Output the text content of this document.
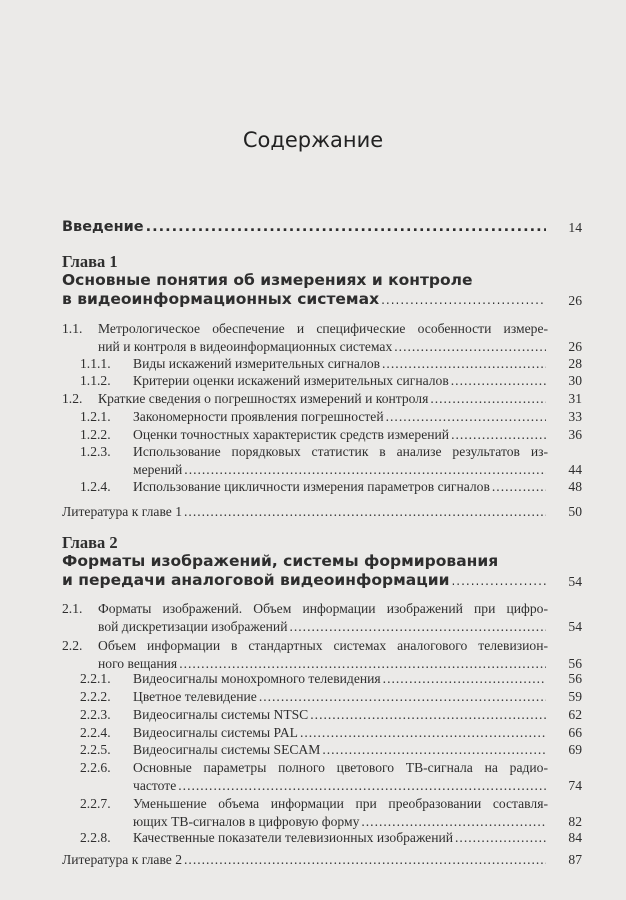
Содержание
Введение .....	14
Глава 1
Основные понятия об измерениях и контроле
в видеоинформационных системах .....	26
1.1. Метрологическое обеспечение и специфические особенности измере-
ний и контроля в видеоинформационных системах .....	26
1.1.1. Виды искажений измерительных сигналов .....	28
1.1.2. Критерии оценки искажений измерительных сигналов .....	30
1.2. Краткие сведения о погрешностях измерений и контроля .....	31
1.2.1. Закономерности проявления погрешностей .....	33
1.2.2. Оценки точностных характеристик средств измерений .....	36
1.2.3. Использование порядковых статистик в анализе результатов из-
мерений .....	44
1.2.4. Использование цикличности измерения параметров сигналов .....	48
Литература к главе 1 .....	50
Глава 2
Форматы изображений, системы формирования
и передачи аналоговой видеоинформации .....	54
2.1. Форматы изображений. Объем информации изображений при цифро-
вой дискретизации изображений .....	54
2.2. Объем информации в стандартных системах аналогового телевизион-
ного вещания .....	56
2.2.1. Видеосигналы монохромного телевидения .....	56
2.2.2. Цветное телевидение .....	59
2.2.3. Видеосигналы системы NTSC .....	62
2.2.4. Видеосигналы системы PAL .....	66
2.2.5. Видеосигналы системы SECAM .....	69
2.2.6. Основные параметры полного цветового ТВ-сигнала на радио-
частоте .....	74
2.2.7. Уменьшение объема информации при преобразовании составля-
ющих ТВ-сигналов в цифровую форму .....	82
2.2.8. Качественные показатели телевизионных изображений .....	84
Литература к главе 2 .....	87
